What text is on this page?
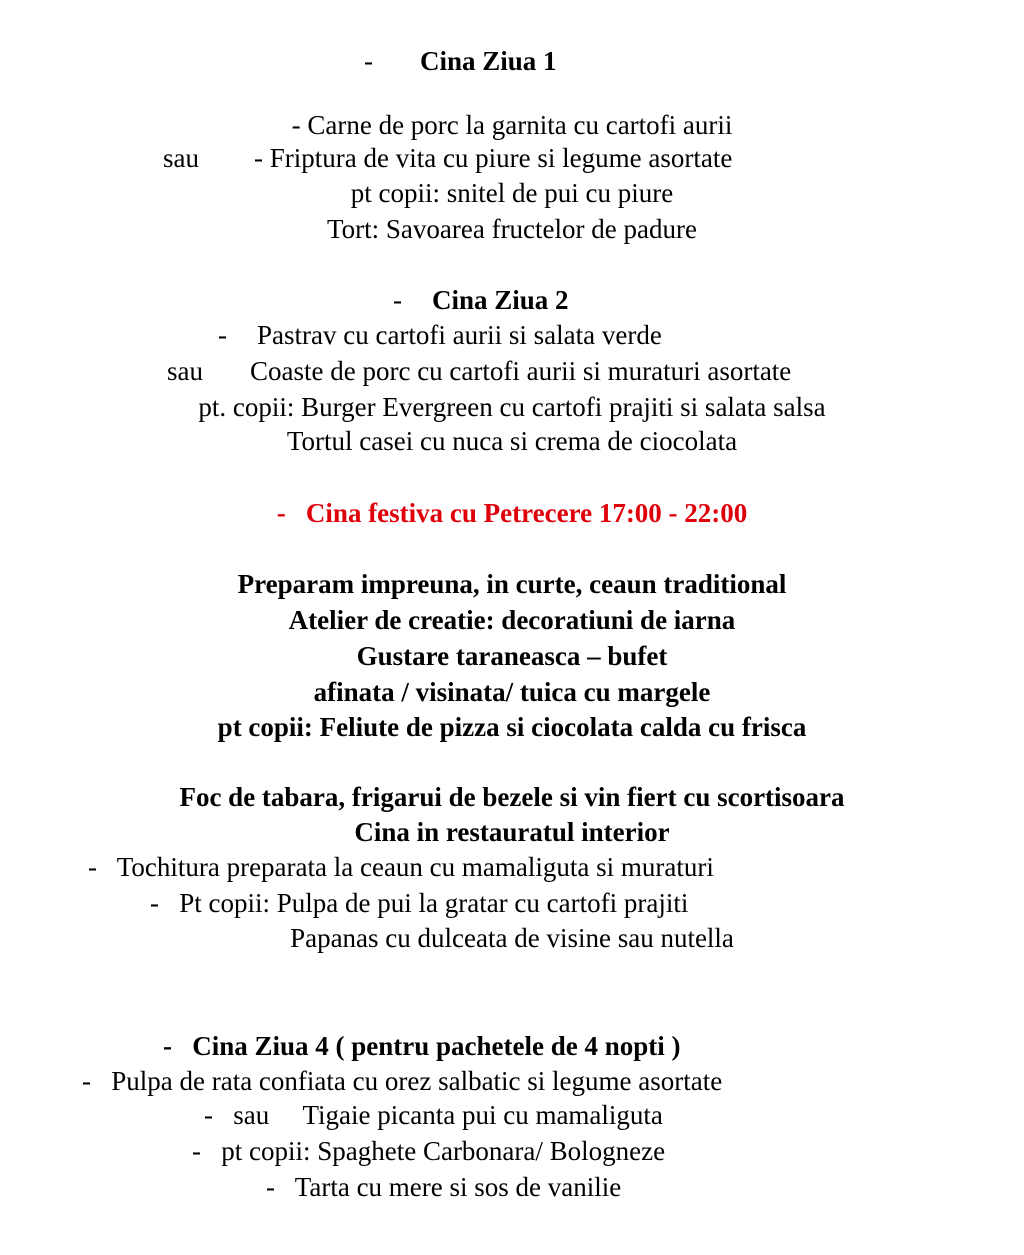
- Cina Ziua 1
- Carne de porc la garnita cu cartofi aurii
sau - Friptura de vita cu piure si legume asortate
pt copii: snitel de pui cu piure
Tort: Savoarea fructelor de padure
- Cina Ziua 2
- Pastrav cu cartofi aurii si salata verde
sau Coaste de porc cu cartofi aurii si muraturi asortate
pt. copii: Burger Evergreen cu cartofi prajiti si salata salsa
Tortul casei cu nuca si crema de ciocolata
-   Cina festiva cu Petrecere 17:00 - 22:00
Preparam impreuna, in curte, ceaun traditional
Atelier de creatie: decoratiuni de iarna
Gustare taraneasca – bufet
afinata / visinata/ tuica cu margele
pt copii: Feliute de pizza si ciocolata calda cu frisca
Foc de tabara, frigarui de bezele si vin fiert cu scortisoara
Cina in restauratul interior
-   Tochitura preparata la ceaun cu mamaliguta si muraturi
-   Pt copii: Pulpa de pui la gratar cu cartofi prajiti
Papanas cu dulceata de visine sau nutella
-   Cina Ziua 4 ( pentru pachetele de 4 nopti )
-   Pulpa de rata confiata cu orez salbatic si legume asortate
-   sau     Tigaie picanta pui cu mamaliguta
-   pt copii: Spaghete Carbonara/ Bologneze
-   Tarta cu mere si sos de vanilie
